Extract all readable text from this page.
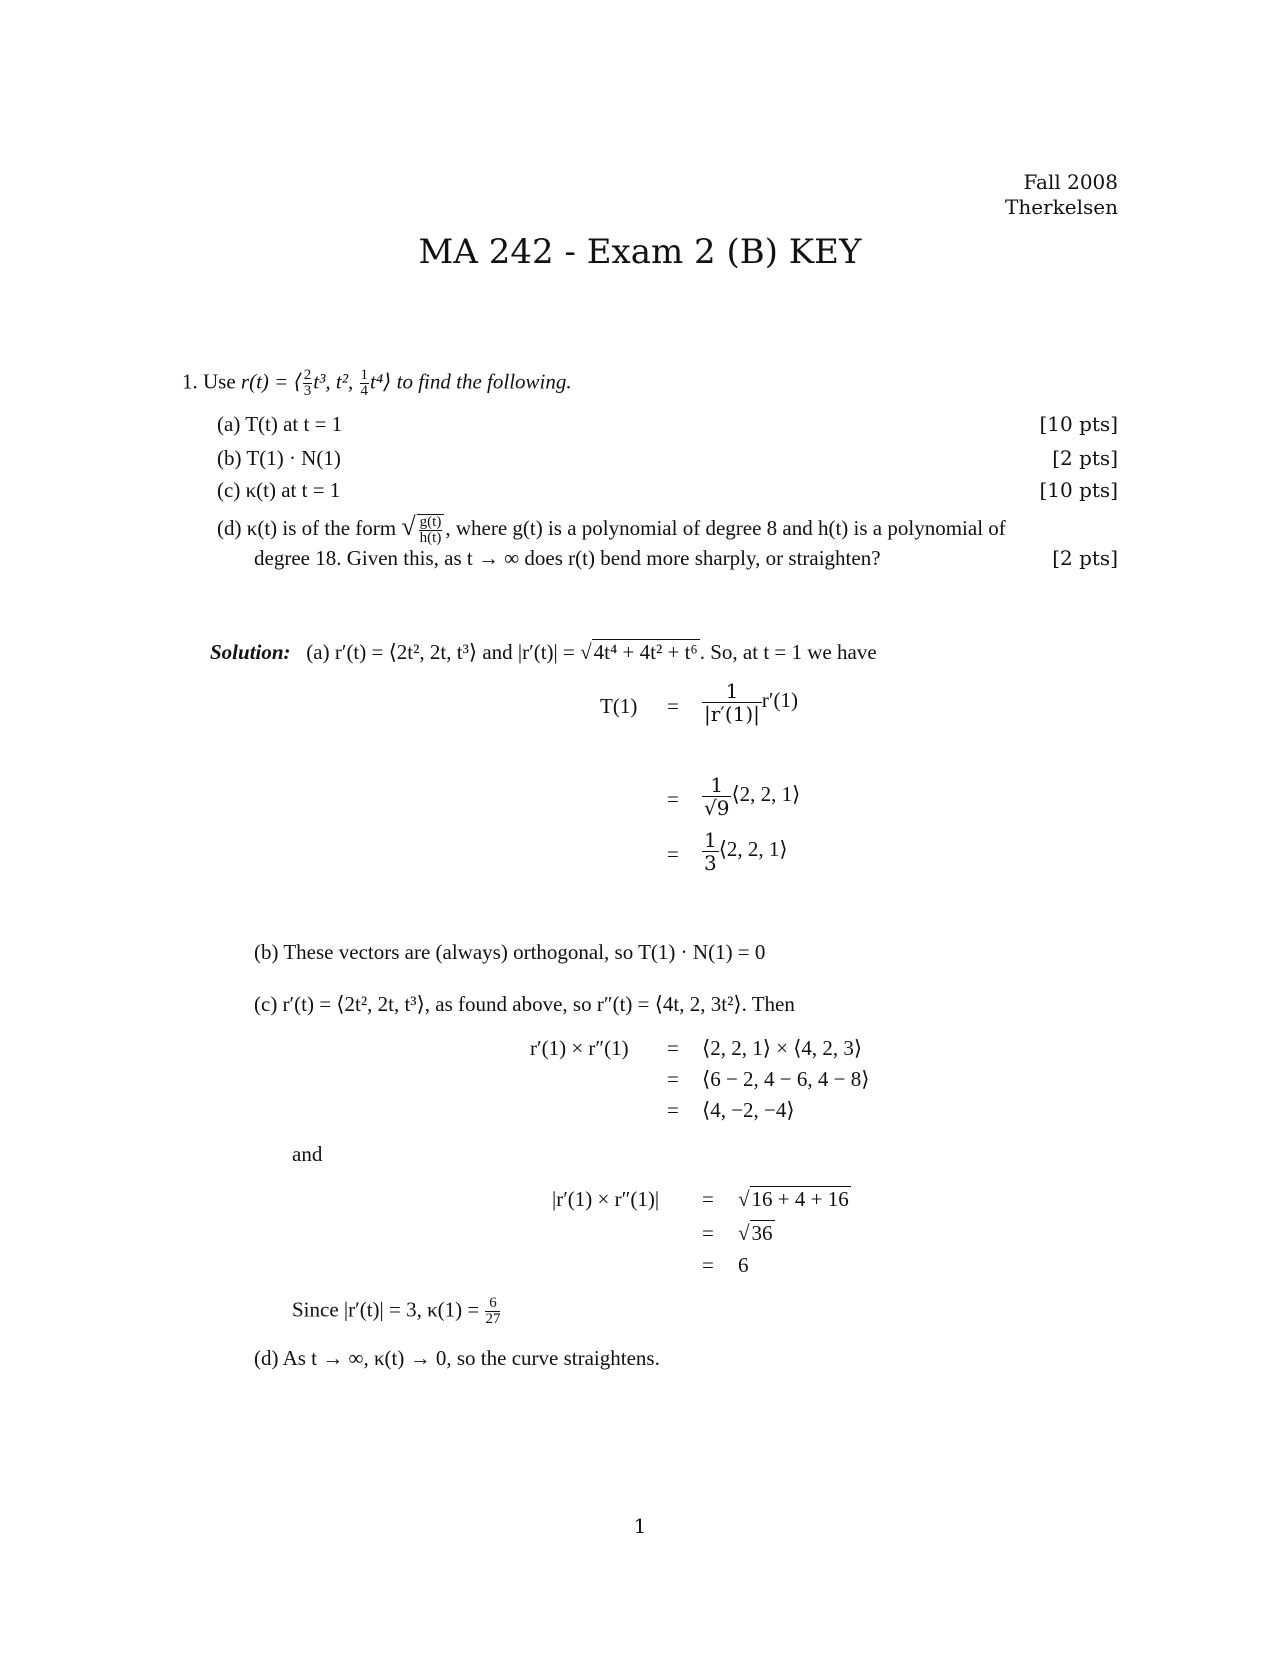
Fall 2008
Therkelsen
MA 242 - Exam 2 (B) KEY
1. Use r(t) = ⟨ $\frac{2}{3} t^3$, t², $\frac{1}{4}$ t⁴⟩ to find the following.
(a) T(t) at t = 1	[10 pts]
(b) T(1) · N(1)	[2 pts]
(c) κ(t) at t = 1	[10 pts]
(d) κ(t) is of the form √ $\frac{g(t)}{h(t)}$ , where g(t) is a polynomial of degree 8 and h(t) is a polynomial of
degree 18. Given this, as t → ∞ does r(t) bend more sharply, or straighten?	[2 pts]
Solution: (a) r′(t) = ⟨2t², 2t, t³⟩ and |r′(t)| = √4t⁴ + 4t² + t⁶. So, at t = 1 we have
$T(1) = \frac{1}{|r'(1)|} r'(1)$
= $\frac{1}{√9}$ ⟨2, 2, 1⟩
= $\frac{1}{3}$ ⟨2, 2, 1⟩
(b) These vectors are (always) orthogonal, so T(1) · N(1) = 0
(c) r′(t) = ⟨2t², 2t, t³⟩, as found above, so r″(t) = ⟨4t, 2, 3t²⟩. Then
r′(1) × r″(1) = ⟨2, 2, 1⟩ × ⟨4, 2, 3⟩
= ⟨6 − 2, 4 − 6, 4 − 8⟩
= ⟨4, −2, −4⟩
and
|r′(1) × r″(1)| = √16 + 4 + 16
= √36
= 6
Since |r′(t)| = 3, $\kappa(1) = \frac{6}{27}$
(d) As t → ∞, κ(t) → 0, so the curve straightens.
1
